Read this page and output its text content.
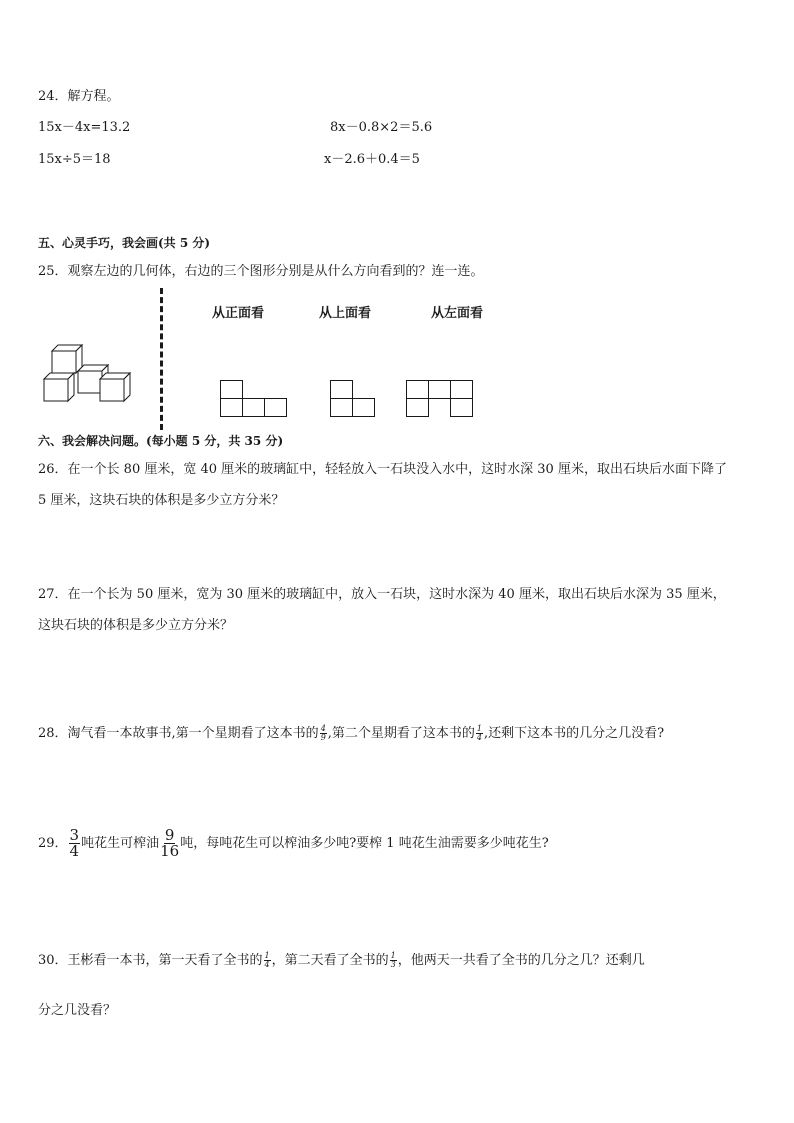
24．解方程。
15x－4x=13.2	8x－0.8×2＝5.6
15x÷5＝18	x－2.6＋0.4＝5
五、心灵手巧，我会画(共 5 分)
25．观察左边的几何体，右边的三个图形分别是从什么方向看到的？连一连。
从正面看	从上面看	从左面看
六、我会解决问题。(每小题 5 分，共 35 分)
26．在一个长 80 厘米，宽 40 厘米的玻璃缸中，轻轻放入一石块没入水中，这时水深 30 厘米，取出石块后水面下降了
5 厘米，这块石块的体积是多少立方分米？
27．在一个长为 50 厘米，宽为 30 厘米的玻璃缸中，放入一石块，这时水深为 40 厘米，取出石块后水深为 35 厘米，
这块石块的体积是多少立方分米？
28．淘气看一本故事书,第一个星期看了这本书的 $\frac{4}{9}$ ,第二个星期看了这本书的 $\frac{1}{4}$ ,还剩下这本书的几分之几没看?
29． $\frac{3}{4}$ 吨花生可榨油 $\frac{9}{16}$ 吨，每吨花生可以榨油多少吨?要榨 1 吨花生油需要多少吨花生?
30．王彬看一本书，第一天看了全书的 $\frac{1}{4}$ ，第二天看了全书的 $\frac{1}{3}$ ，他两天一共看了全书的几分之几？还剩几
分之几没看？
